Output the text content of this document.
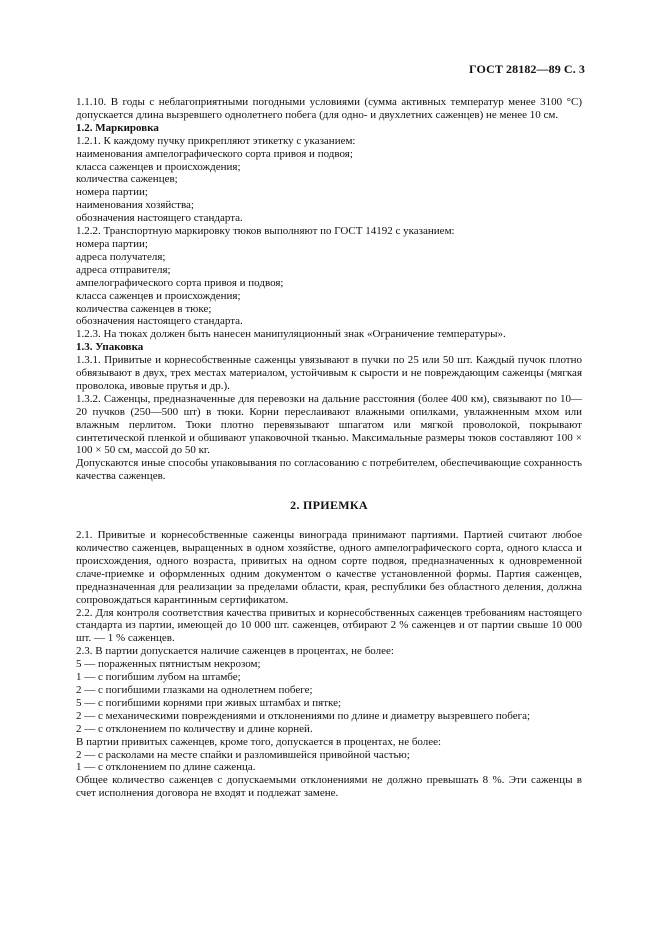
ГОСТ 28182—89 С. 3

1.1.10. В годы с неблагоприятными погодными условиями (сумма активных температур менее 3100 °С) допускается длина вызревшего однолетнего побега (для одно- и двухлетних саженцев) не менее 10 см.

1.2. Маркировка

1.2.1. К каждому пучку прикрепляют этикетку с указанием:

наименования ампелографического сорта привоя и подвоя;
класса саженцев и происхождения;
количества саженцев;
номера партии;
наименования хозяйства;
обозначения настоящего стандарта.

1.2.2. Транспортную маркировку тюков выполняют по ГОСТ 14192 с указанием:

номера партии;
адреса получателя;
адреса отправителя;
ампелографического сорта привоя и подвоя;
класса саженцев и происхождения;
количества саженцев в тюке;
обозначения настоящего стандарта.

1.2.3. На тюках должен быть нанесен манипуляционный знак «Ограничение температуры».

1.3. Упаковка

1.3.1. Привитые и корнесобственные саженцы увязывают в пучки по 25 или 50 шт. Каждый пучок плотно обвязывают в двух, трех местах материалом, устойчивым к сырости и не повреждающим саженцы (мягкая проволока, ивовые прутья и др.).

1.3.2. Саженцы, предназначенные для перевозки на дальние расстояния (более 400 км), связывают по 10—20 пучков (250—500 шт) в тюки. Корни переслаивают влажными опилками, увлажненным мхом или влажным перлитом. Тюки плотно перевязывают шпагатом или мягкой проволокой, покрывают синтетической пленкой и обшивают упаковочной тканью. Максимальные размеры тюков составляют 100 × 100 × 50 см, массой до 50 кг.

Допускаются иные способы упаковывания по согласованию с потребителем, обеспечивающие сохранность качества саженцев.

2. ПРИЕМКА

2.1. Привитые и корнесобственные саженцы винограда принимают партиями. Партией считают любое количество саженцев, выращенных в одном хозяйстве, одного ампелографического сорта, одного класса и происхождения, одного возраста, привитых на одном сорте подвоя, предназначенных к одновременной слаче-приемке и оформленных одним документом о качестве установленной формы. Партия саженцев, предназначенная для реализации за пределами области, края, республики без областного деления, должна сопровождаться карантинным сертификатом.

2.2. Для контроля соответствия качества привитых и корнесобственных саженцев требованиям настоящего стандарта из партии, имеющей до 10 000 шт. саженцев, отбирают 2 % саженцев и от партии свыше 10 000 шт. — 1 % саженцев.

2.3. В партии допускается наличие саженцев в процентах, не более:

5 — пораженных пятнистым некрозом;
1 — с погибшим лубом на штамбе;
2 — с погибшими глазками на однолетнем побеге;
5 — с погибшими корнями при живых штамбах и пятке;
2 — с механическими повреждениями и отклонениями по длине и диаметру вызревшего побега;
2 — с отклонением по количеству и длине корней.

В партии привитых саженцев, кроме того, допускается в процентах, не более:

2 — с расколами на месте спайки и разломившейся привойной частью;
1 — с отклонением по длине саженца.

Общее количество саженцев с допускаемыми отклонениями не должно превышать 8 %. Эти саженцы в счет исполнения договора не входят и подлежат замене.
